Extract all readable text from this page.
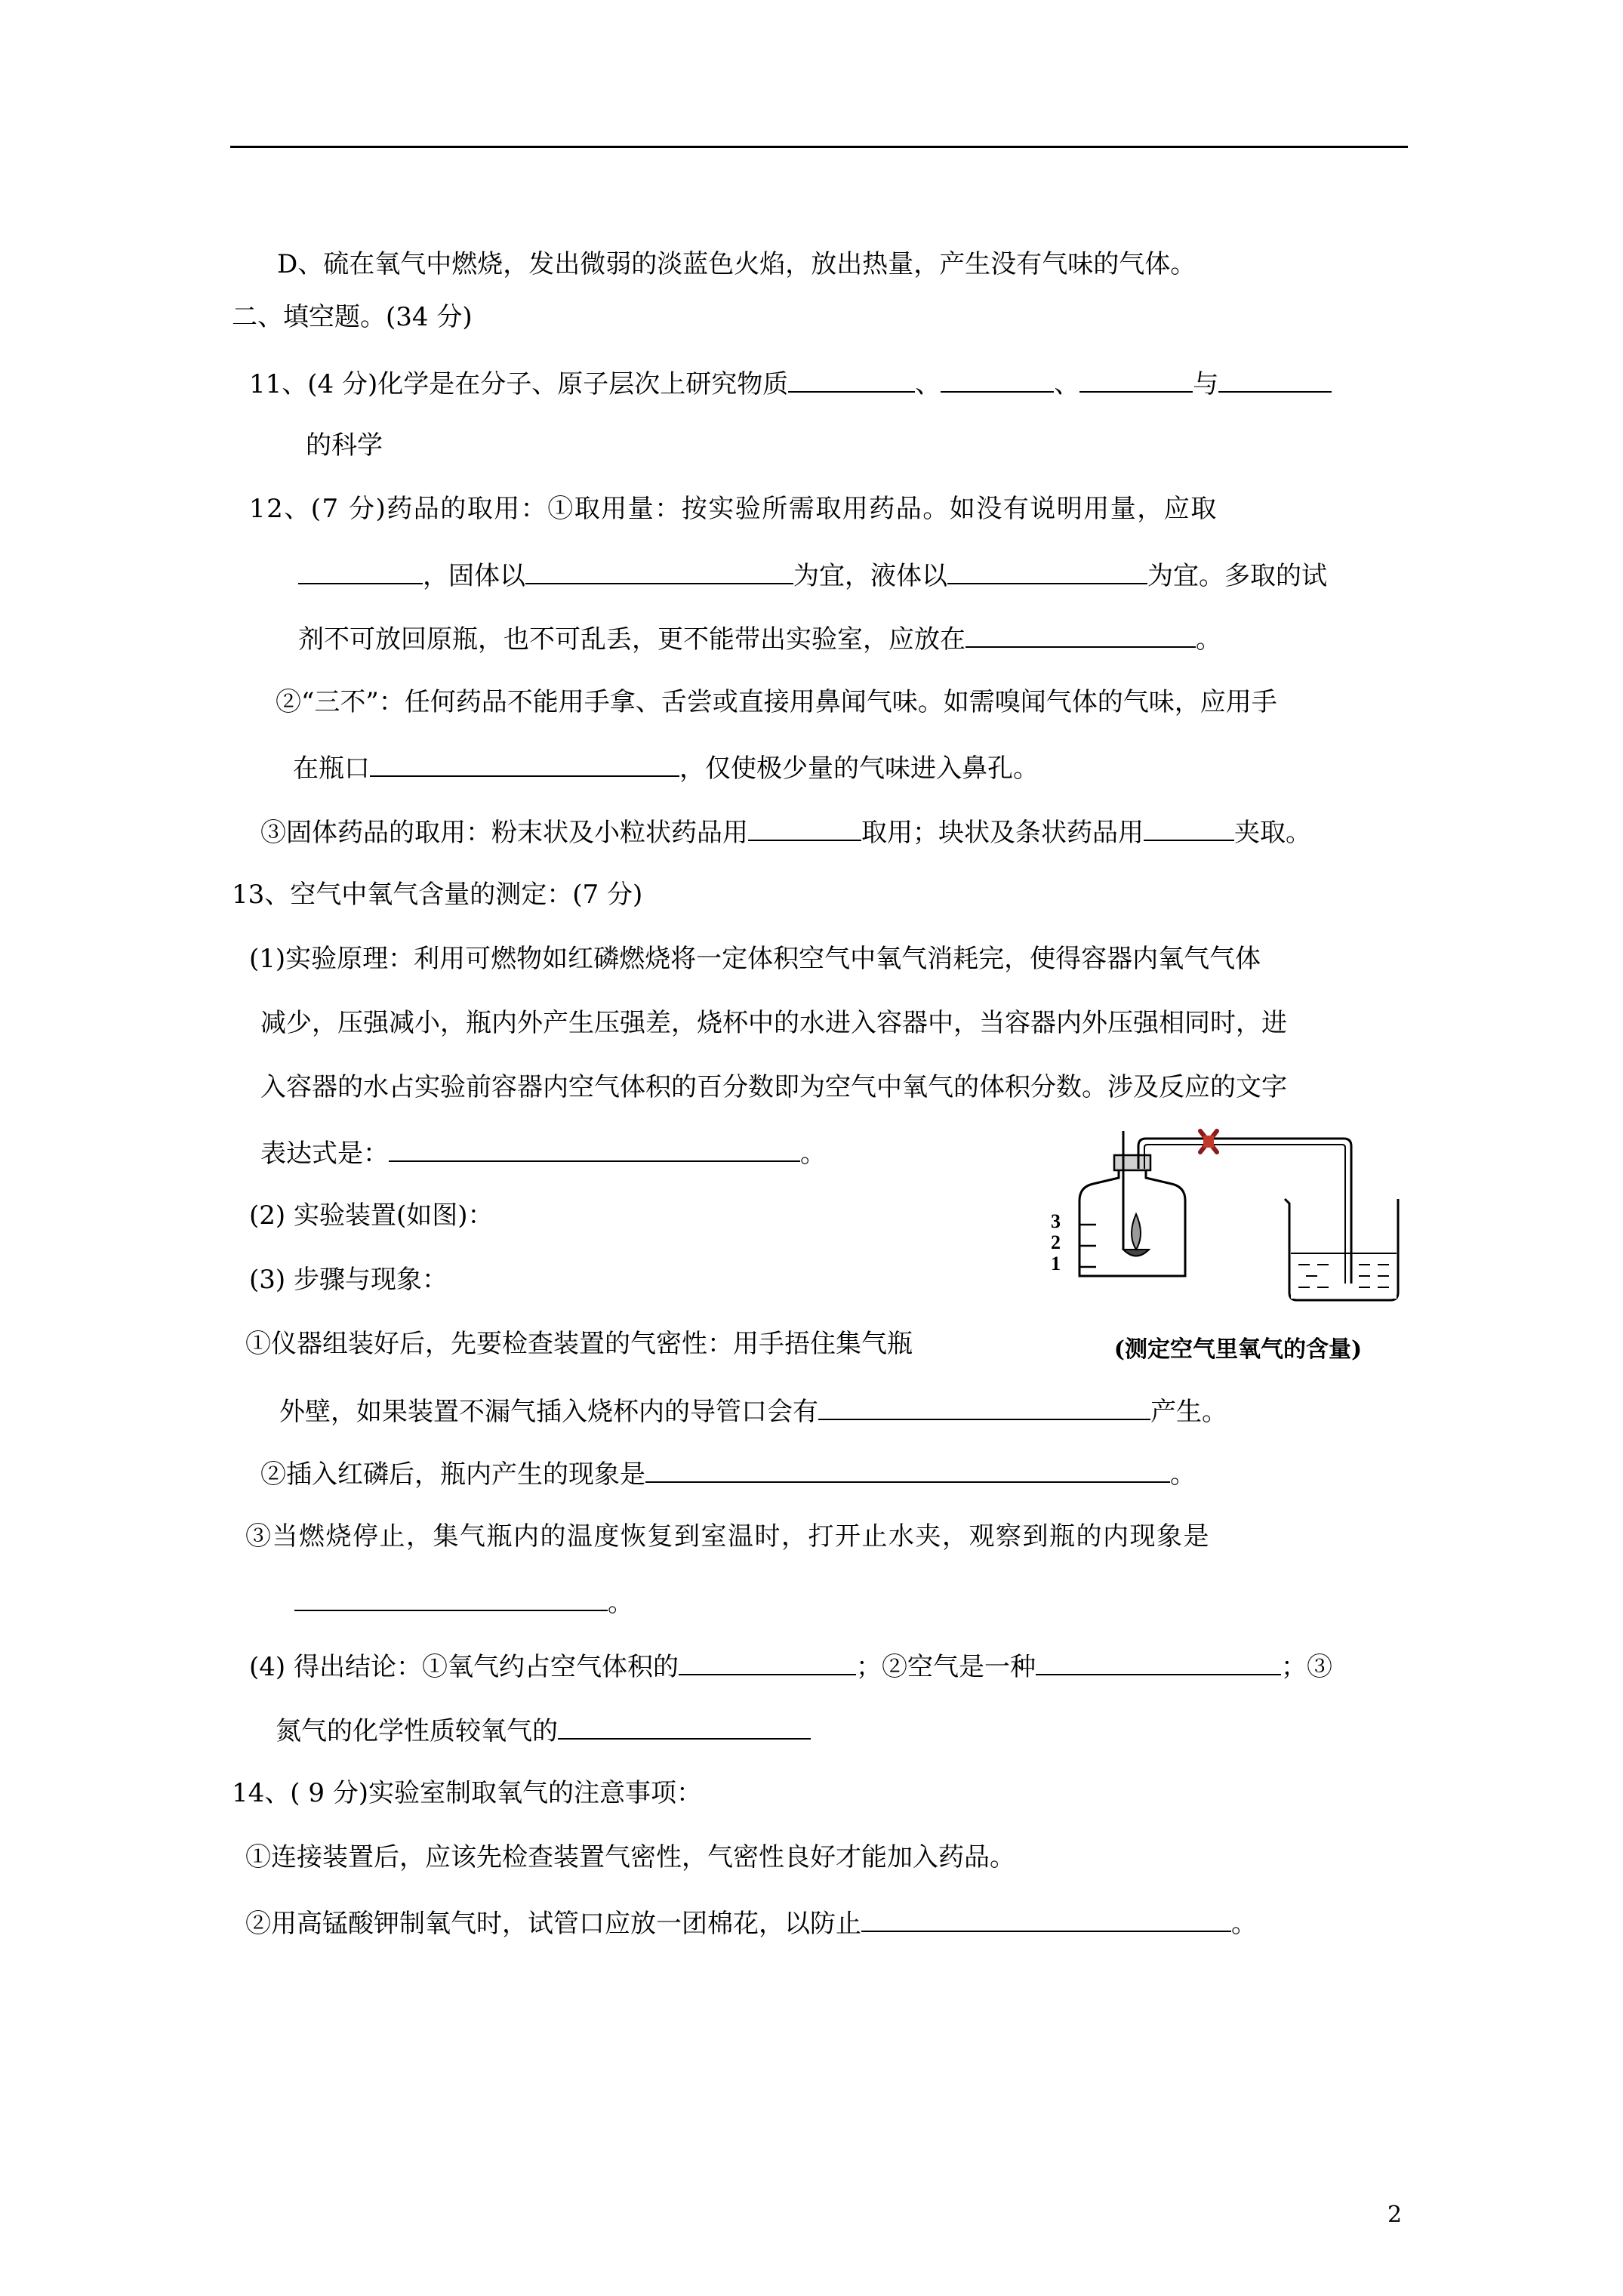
D、硫在氧气中燃烧，发出微弱的淡蓝色火焰，放出热量，产生没有气味的气体。
二、填空题。(34 分)
11、(4 分)化学是在分子、原子层次上研究物质	、	、	与
的科学
12、(7 分)药品的取用：①取用量：按实验所需取用药品。如没有说明用量，应取
，固体以	为宜，液体以	为宜。多取的试
剂不可放回原瓶，也不可乱丢，更不能带出实验室，应放在	。
②“三不”：任何药品不能用手拿、舌尝或直接用鼻闻气味。如需嗅闻气体的气味，应用手
在瓶口	，仅使极少量的气味进入鼻孔。
③固体药品的取用：粉末状及小粒状药品用	取用；块状及条状药品用	夹取。
13、空气中氧气含量的测定：(7 分)
(1)实验原理：利用可燃物如红磷燃烧将一定体积空气中氧气消耗完，使得容器内氧气气体
减少，压强减小，瓶内外产生压强差，烧杯中的水进入容器中，当容器内外压强相同时，进
入容器的水占实验前容器内空气体积的百分数即为空气中氧气的体积分数。涉及反应的文字
表达式是：	。
(2) 实验装置(如图)：
(3) 步骤与现象：
①仪器组装好后，先要检查装置的气密性：用手捂住集气瓶
外壁，如果装置不漏气插入烧杯内的导管口会有	产生。
②插入红磷后，瓶内产生的现象是	。
③当燃烧停止，集气瓶内的温度恢复到室温时，打开止水夹，观察到瓶的内现象是
。
(4) 得出结论：①氧气约占空气体积的	；②空气是一种	；③
氮气的化学性质较氧气的
14、( 9 分)实验室制取氧气的注意事项：
①连接装置后，应该先检查装置气密性，气密性良好才能加入药品。
②用高锰酸钾制氧气时，试管口应放一团棉花，以防止	。
3
2
1
(测定空气里氧气的含量)
2
